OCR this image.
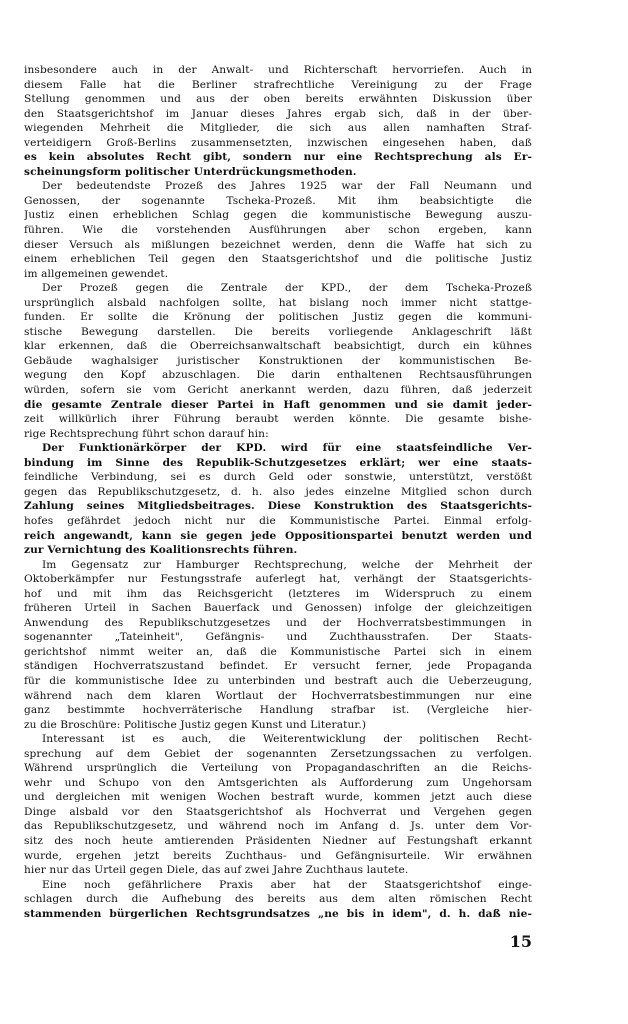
insbesondere auch in der Anwalt- und Richterschaft hervorriefen. Auch in
diesem Falle hat die Berliner strafrechtliche Vereinigung zu der Frage
Stellung genommen und aus der oben bereits erwähnten Diskussion über
den Staatsgerichtshof im Januar dieses Jahres ergab sich, daß in der über-
wiegenden Mehrheit die Mitglieder, die sich aus allen namhaften Straf-
verteidigern Groß-Berlins zusammensetzten, inzwischen eingesehen haben, daß
es kein absolutes Recht gibt, sondern nur eine Rechtsprechung als Er-
scheinungsform politischer Unterdrückungsmethoden.
Der bedeutendste Prozeß des Jahres 1925 war der Fall Neumann und
Genossen, der sogenannte Tscheka-Prozeß. Mit ihm beabsichtigte die
Justiz einen erheblichen Schlag gegen die kommunistische Bewegung auszu-
führen. Wie die vorstehenden Ausführungen aber schon ergeben, kann
dieser Versuch als mißlungen bezeichnet werden, denn die Waffe hat sich zu
einem erheblichen Teil gegen den Staatsgerichtshof und die politische Justiz
im allgemeinen gewendet.
Der Prozeß gegen die Zentrale der KPD., der dem Tscheka-Prozeß
ursprünglich alsbald nachfolgen sollte, hat bislang noch immer nicht stattge-
funden. Er sollte die Krönung der politischen Justiz gegen die kommuni-
stische Bewegung darstellen. Die bereits vorliegende Anklageschrift läßt
klar erkennen, daß die Oberreichsanwaltschaft beabsichtigt, durch ein kühnes
Gebäude waghalsiger juristischer Konstruktionen der kommunistischen Be-
wegung den Kopf abzuschlagen. Die darin enthaltenen Rechtsausführungen
würden, sofern sie vom Gericht anerkannt werden, dazu führen, daß jederzeit
die gesamte Zentrale dieser Partei in Haft genommen und sie damit jeder-
zeit willkürlich ihrer Führung beraubt werden könnte. Die gesamte bishe-
rige Rechtsprechung führt schon darauf hin:
Der Funktionärkörper der KPD. wird für eine staatsfeindliche Ver-
bindung im Sinne des Republik-Schutzgesetzes erklärt; wer eine staats-
feindliche Verbindung, sei es durch Geld oder sonstwie, unterstützt, verstößt
gegen das Republikschutzgesetz, d. h. also jedes einzelne Mitglied schon durch
Zahlung seines Mitgliedsbeitrages. Diese Konstruktion des Staatsgerichts-
hofes gefährdet jedoch nicht nur die Kommunistische Partei. Einmal erfolg-
reich angewandt, kann sie gegen jede Oppositionspartei benutzt werden und
zur Vernichtung des Koalitionsrechts führen.
Im Gegensatz zur Hamburger Rechtsprechung, welche der Mehrheit der
Oktoberkämpfer nur Festungsstrafe auferlegt hat, verhängt der Staatsgerichts-
hof und mit ihm das Reichsgericht (letzteres im Widerspruch zu einem
früheren Urteil in Sachen Bauerfack und Genossen) infolge der gleichzeitigen
Anwendung des Republikschutzgesetzes und der Hochverratsbestimmungen in
sogenannter „Tateinheit", Gefängnis- und Zuchthausstrafen. Der Staats-
gerichtshof nimmt weiter an, daß die Kommunistische Partei sich in einem
ständigen Hochverratszustand befindet. Er versucht ferner, jede Propaganda
für die kommunistische Idee zu unterbinden und bestraft auch die Ueberzeugung,
während nach dem klaren Wortlaut der Hochverratsbestimmungen nur eine
ganz bestimmte hochverräterische Handlung strafbar ist. (Vergleiche hier-
zu die Broschüre: Politische Justiz gegen Kunst und Literatur.)
Interessant ist es auch, die Weiterentwicklung der politischen Recht-
sprechung auf dem Gebiet der sogenannten Zersetzungssachen zu verfolgen.
Während ursprünglich die Verteilung von Propagandaschriften an die Reichs-
wehr und Schupo von den Amtsgerichten als Aufforderung zum Ungehorsam
und dergleichen mit wenigen Wochen bestraft wurde, kommen jetzt auch diese
Dinge alsbald vor den Staatsgerichtshof als Hochverrat und Vergehen gegen
das Republikschutzgesetz, und während noch im Anfang d. Js. unter dem Vor-
sitz des noch heute amtierenden Präsidenten Niedner auf Festungshaft erkannt
wurde, ergehen jetzt bereits Zuchthaus- und Gefängnisurteile. Wir erwähnen
hier nur das Urteil gegen Diele, das auf zwei Jahre Zuchthaus lautete.
Eine noch gefährlichere Praxis aber hat der Staatsgerichtshof einge-
schlagen durch die Aufhebung des bereits aus dem alten römischen Recht
stammenden bürgerlichen Rechtsgrundsatzes „ne bis in idem", d. h. daß nie-
15
